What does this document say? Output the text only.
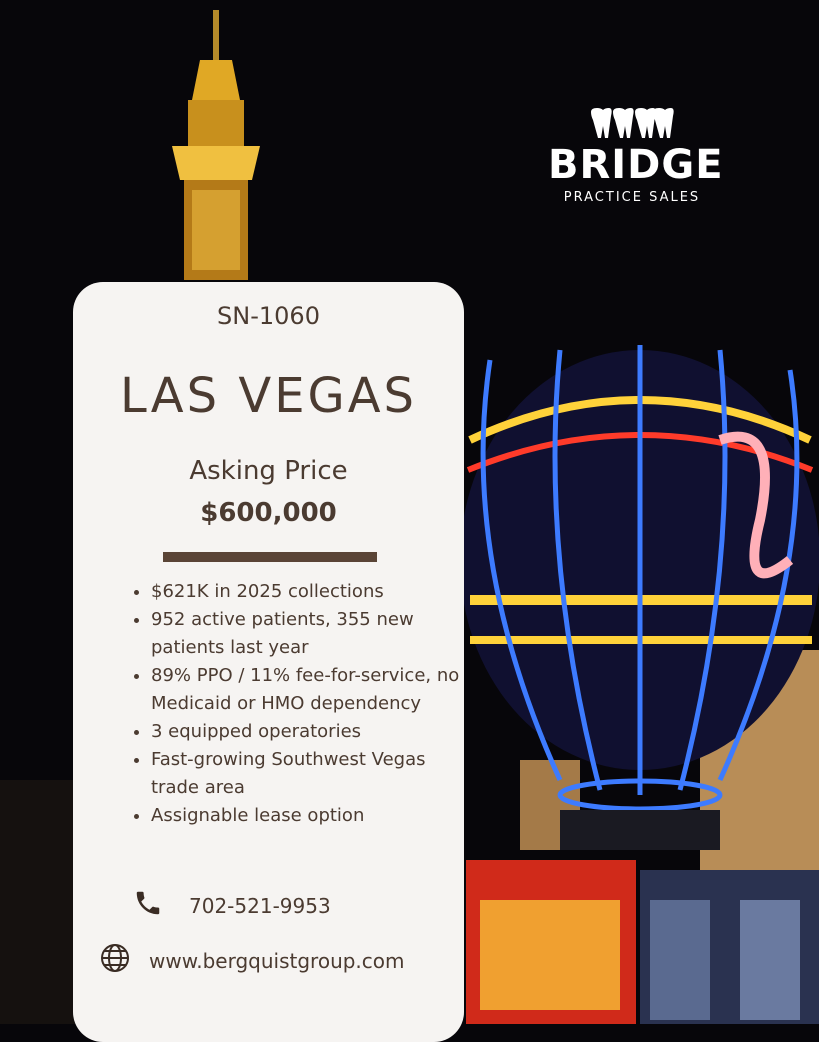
BRIDGE
PRACTICE SALES
SN-1060
LAS VEGAS
Asking Price
$600,000
• $621K in 2025 collections
• 952 active patients, 355 new patients last year
• 89% PPO / 11% fee-for-service, no Medicaid or HMO dependency
• 3 equipped operatories
• Fast-growing Southwest Vegas trade area
• Assignable lease option
702-521-9953
www.bergquistgroup.com
